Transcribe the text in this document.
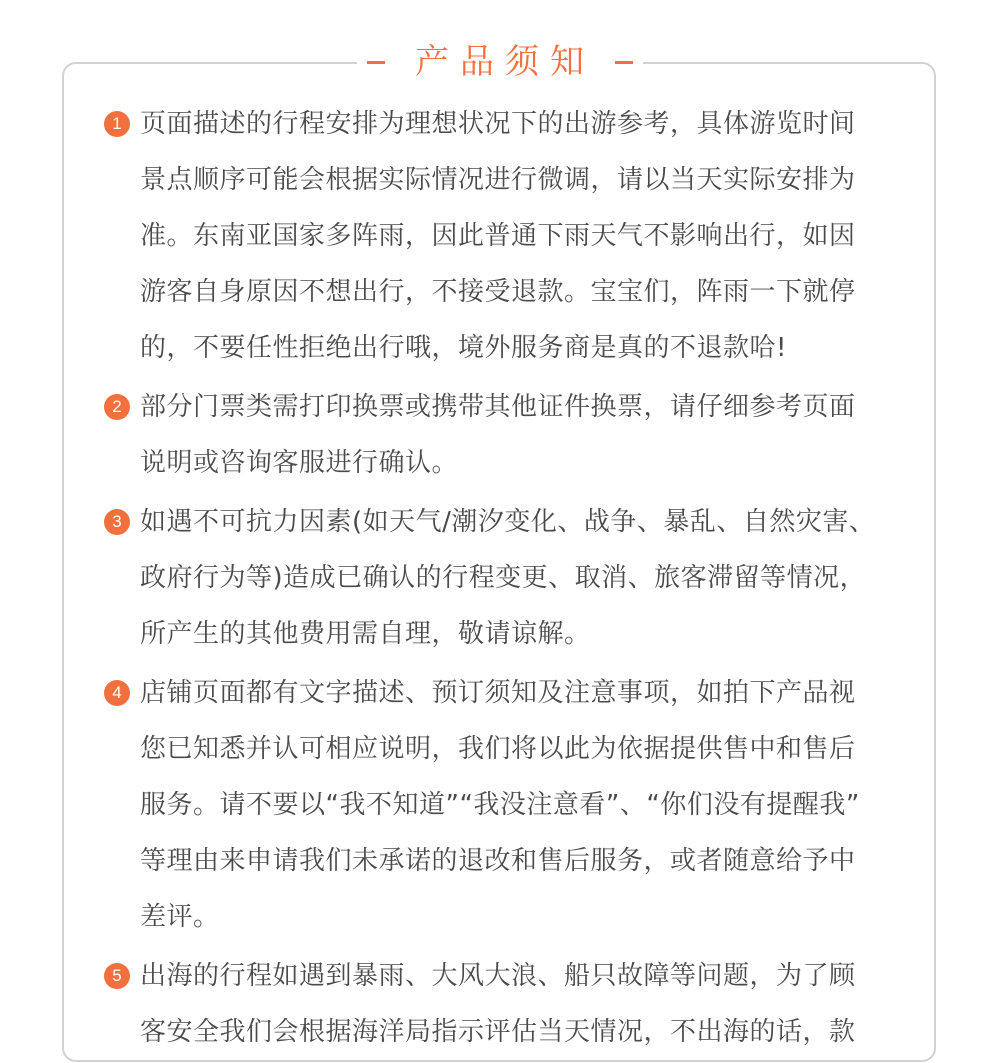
产品须知
1 页面描述的行程安排为理想状况下的出游参考，具体游览时间
景点顺序可能会根据实际情况进行微调，请以当天实际安排为
准。东南亚国家多阵雨，因此普通下雨天气不影响出行，如因
游客自身原因不想出行，不接受退款。宝宝们，阵雨一下就停
的，不要任性拒绝出行哦，境外服务商是真的不退款哈!
2 部分门票类需打印换票或携带其他证件换票，请仔细参考页面
说明或咨询客服进行确认。
3 如遇不可抗力因素(如天气/潮汐变化、战争、暴乱、自然灾害、
政府行为等)造成已确认的行程变更、取消、旅客滞留等情况，
所产生的其他费用需自理，敬请谅解。
4 店铺页面都有文字描述、预订须知及注意事项，如拍下产品视
您已知悉并认可相应说明，我们将以此为依据提供售中和售后
服务。请不要以“我不知道”“我没注意看”、“你们没有提醒我”
等理由来申请我们未承诺的退改和售后服务，或者随意给予中
差评。
5 出海的行程如遇到暴雨、大风大浪、船只故障等问题，为了顾
客安全我们会根据海洋局指示评估当天情况，不出海的话，款
